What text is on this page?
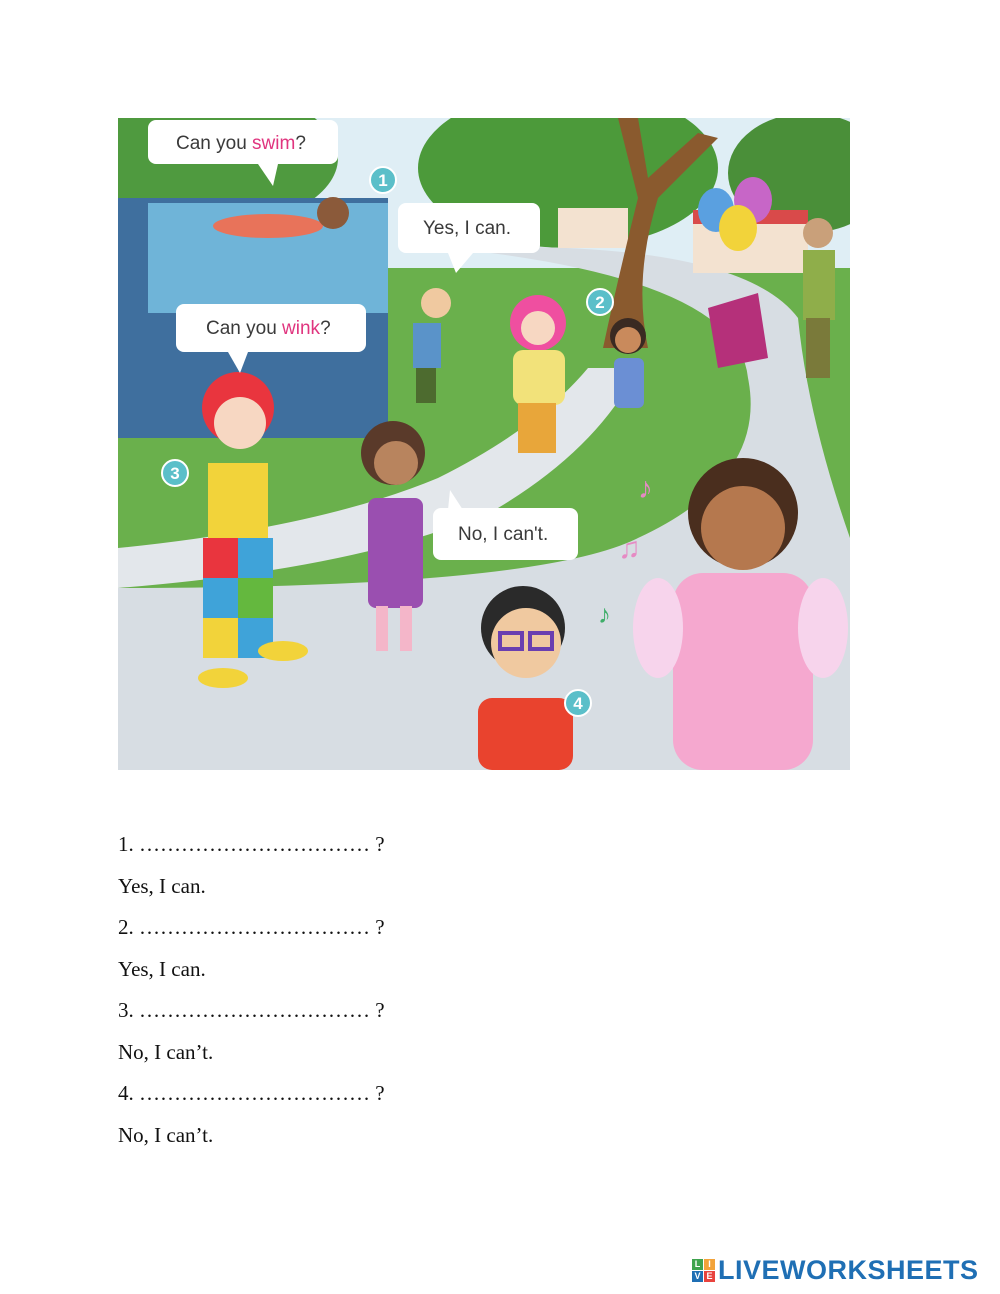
♪
♫
♪
Can you swim?
Yes, I can.
Can you wink?
No, I can't.
1
2
3
4
1. …………………………… ?
Yes, I can.
2. …………………………… ?
Yes, I can.
3. …………………………… ?
No, I can’t.
4. …………………………… ?
No, I can’t.
L I
V E LIVEWORKSHEETS
